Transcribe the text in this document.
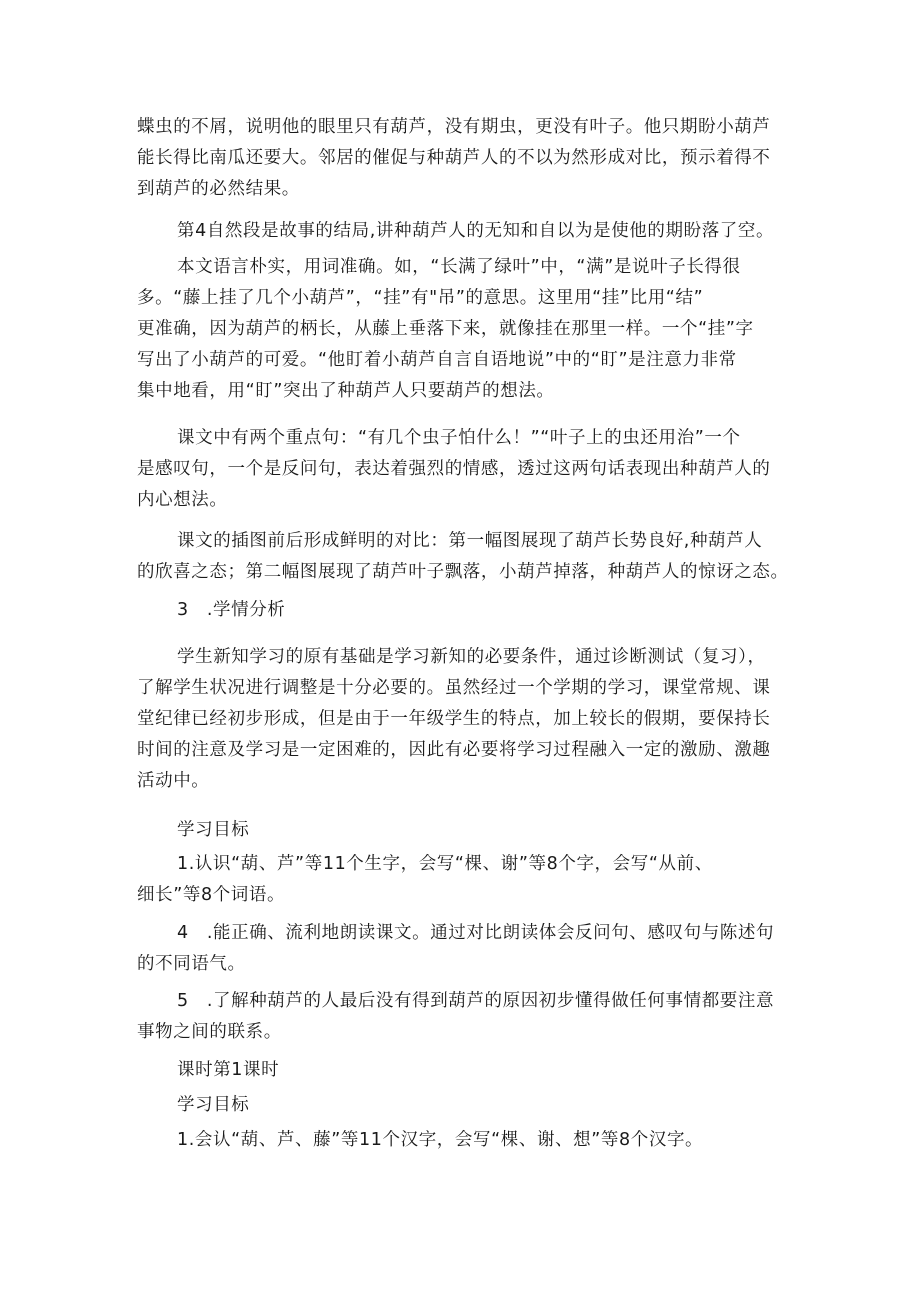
蝶虫的不屑，说明他的眼里只有葫芦，没有期虫，更没有叶子。他只期盼小葫芦
能长得比南瓜还要大。邻居的催促与种葫芦人的不以为然形成对比，预示着得不
到葫芦的必然结果。
第4自然段是故事的结局,讲种葫芦人的无知和自以为是使他的期盼落了空。
本文语言朴实，用词准确。如，“长满了绿叶”中，“满”是说叶子长得很
多。“藤上挂了几个小葫芦”，“挂”有"吊”的意思。这里用“挂”比用“结”
更准确，因为葫芦的柄长，从藤上垂落下来，就像挂在那里一样。一个“挂”字
写出了小葫芦的可爱。“他盯着小葫芦自言自语地说”中的“盯”是注意力非常
集中地看，用“盯”突出了种葫芦人只要葫芦的想法。
课文中有两个重点句：“有几个虫子怕什么！”“叶子上的虫还用治”一个
是感叹句，一个是反问句，表达着强烈的情感，透过这两句话表现出种葫芦人的
内心想法。
课文的插图前后形成鲜明的对比：第一幅图展现了葫芦长势良好,种葫芦人
的欣喜之态；第二幅图展现了葫芦叶子飘落，小葫芦掉落，种葫芦人的惊讶之态。
3 .学情分析
学生新知学习的原有基础是学习新知的必要条件，通过诊断测试（复习），
了解学生状况进行调整是十分必要的。虽然经过一个学期的学习，课堂常规、课
堂纪律已经初步形成，但是由于一年级学生的特点，加上较长的假期，要保持长
时间的注意及学习是一定困难的，因此有必要将学习过程融入一定的激励、激趣
活动中。
学习目标
1.认识“葫、芦”等11个生字，会写“棵、谢”等8个字，会写“从前、
细长”等8个词语。
4 .能正确、流利地朗读课文。通过对比朗读体会反问句、感叹句与陈述句
的不同语气。
5 .了解种葫芦的人最后没有得到葫芦的原因初步懂得做任何事情都要注意
事物之间的联系。
课时第1课时
学习目标
1.会认“葫、芦、藤”等11个汉字，会写“棵、谢、想”等8个汉字。
